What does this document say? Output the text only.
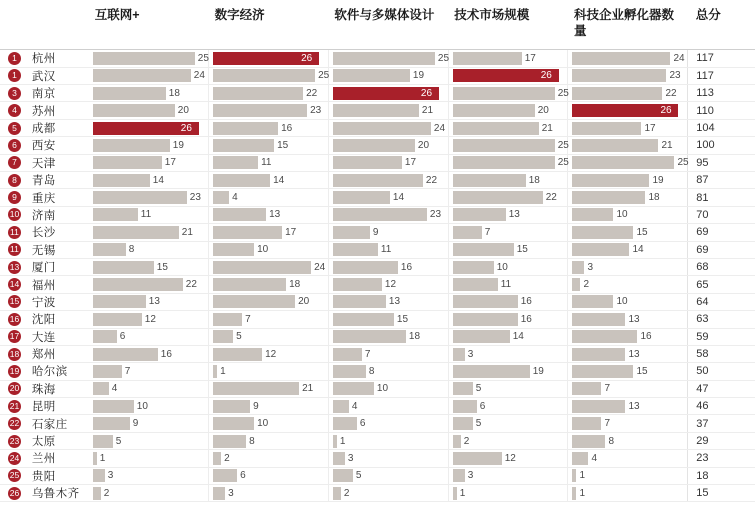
		互联网+	数字经济	软件与多媒体设计	技术市场规模	科技企业孵化器数量	总分
1	杭州	25	26	25	17	24	117
1	武汉	24	25	19	26	23	117
3	南京	18	22	26	25	22	113
4	苏州	20	23	21	20	26	110
5	成都	26	16	24	21	17	104
6	西安	19	15	20	25	21	100
7	天津	17	11	17	25	25	95
8	青岛	14	14	22	18	19	87
9	重庆	23	4	14	22	18	81
10	济南	11	13	23	13	10	70
11	长沙	21	17	9	7	15	69
11	无锡	8	10	11	15	14	69
13	厦门	15	24	16	10	3	68
14	福州	22	18	12	11	2	65
15	宁波	13	20	13	16	10	64
16	沈阳	12	7	15	16	13	63
17	大连	6	5	18	14	16	59
18	郑州	16	12	7	3	13	58
19	哈尔滨	7	1	8	19	15	50
20	珠海	4	21	10	5	7	47
21	昆明	10	9	4	6	13	46
22	石家庄	9	10	6	5	7	37
23	太原	5	8	1	2	8	29
24	兰州	1	2	3	12	4	23
25	贵阳	3	6	5	3	1	18
26	乌鲁木齐	2	3	2	1	1	15
